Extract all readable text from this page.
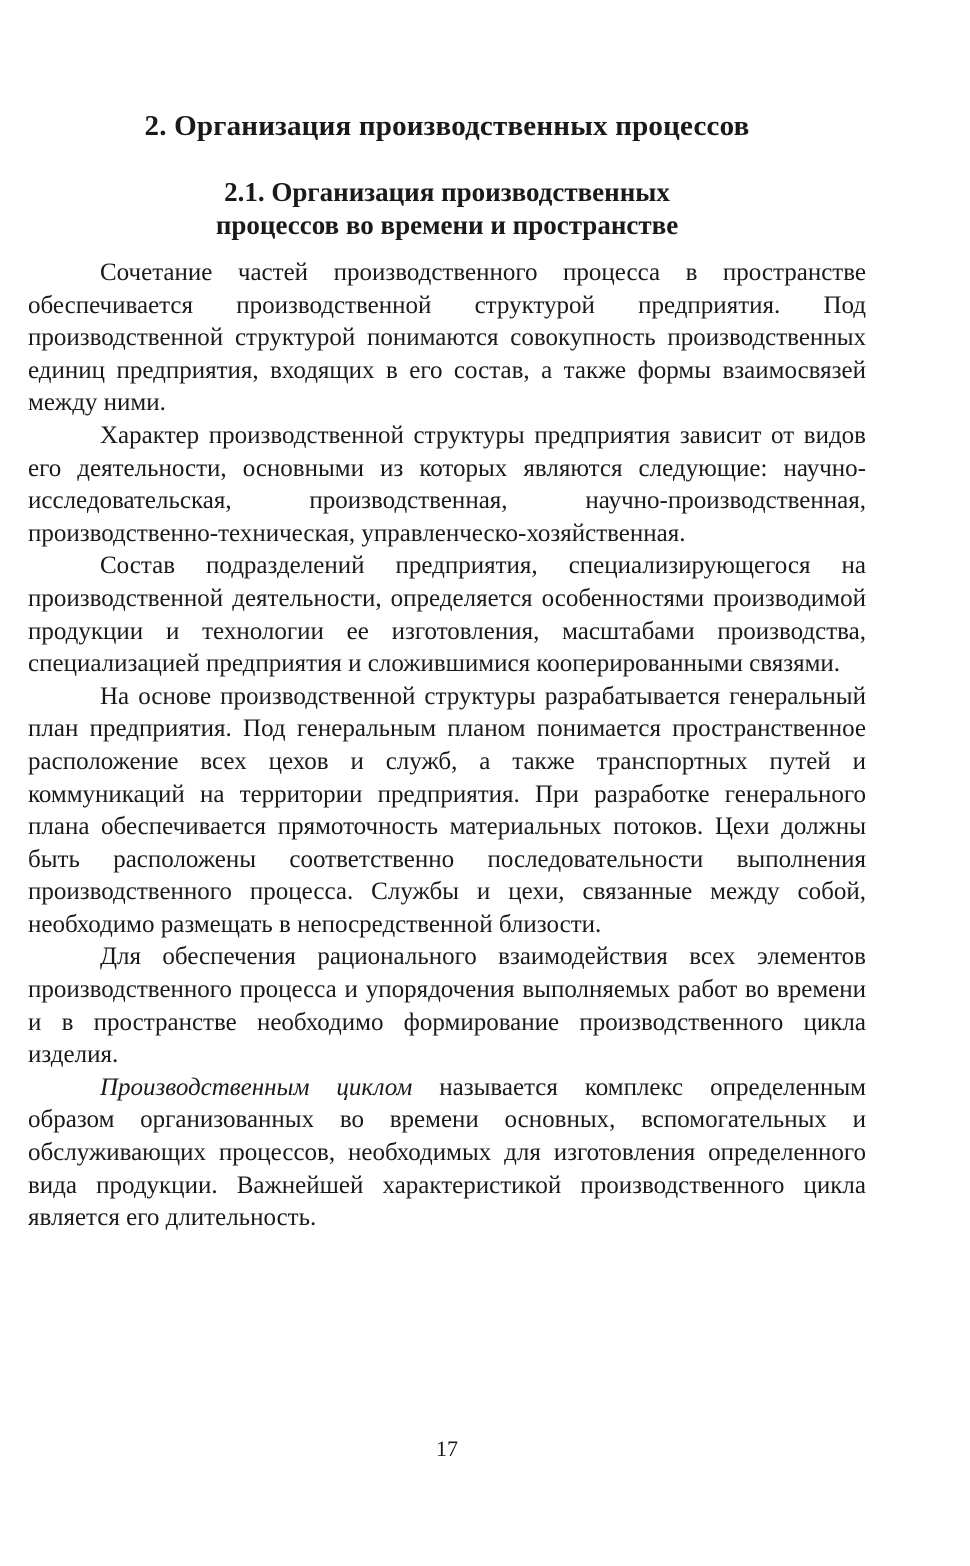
2. Организация производственных процессов
2.1. Организация производственных
процессов во времени и пространстве

Сочетание частей производственного процесса в пространстве обеспечивается производственной структурой предприятия. Под производственной структурой понимаются совокупность производственных единиц предприятия, входящих в его состав, а также формы взаимосвязей между ними.

Характер производственной структуры предприятия зависит от видов его деятельности, основными из которых являются следующие: научно-исследовательская, производственная, научно-производственная, производственно-техническая, управленческо-хозяйственная.

Состав подразделений предприятия, специализирующегося на производственной деятельности, определяется особенностями производимой продукции и технологии ее изготовления, масштабами производства, специализацией предприятия и сложившимися кооперированными связями.

На основе производственной структуры разрабатывается генеральный план предприятия. Под генеральным планом понимается пространственное расположение всех цехов и служб, а также транспортных путей и коммуникаций на территории предприятия. При разработке генерального плана обеспечивается прямоточность материальных потоков. Цехи должны быть расположены соответственно последовательности выполнения производственного процесса. Службы и цехи, связанные между собой, необходимо размещать в непосредственной близости.

Для обеспечения рационального взаимодействия всех элементов производственного процесса и упорядочения выполняемых работ во времени и в пространстве необходимо формирование производственного цикла изделия.

Производственным циклом называется комплекс определенным образом организованных во времени основных, вспомогательных и обслуживающих процессов, необходимых для изготовления определенного вида продукции. Важнейшей характеристикой производственного цикла является его длительность.

17
